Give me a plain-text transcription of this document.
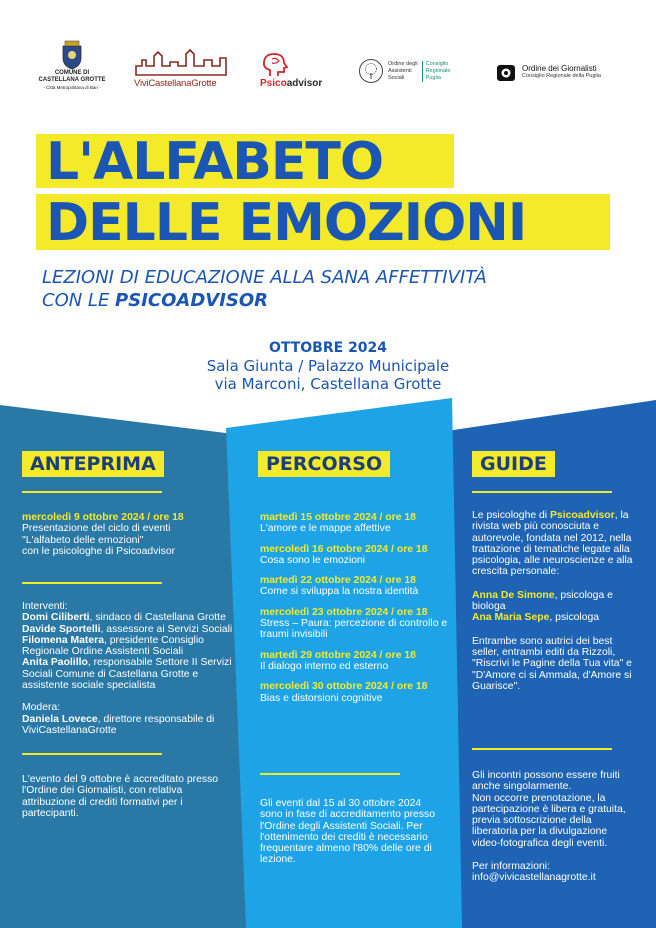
COMUNE DI
CASTELLANA GROTTE
- Città Metropolitana di Bari -	ViviCastellanaGrotte	Psicoadvisor
Ordine degli
Assistenti
Sociali
Consiglio
Regionale
Puglia
Ordine dei Giornalisti
Consiglio Regionale della Puglia
L'ALFABETO
DELLE EMOZIONI
LEZIONI DI EDUCAZIONE ALLA SANA AFFETTIVITÀ
CON LE PSICOADVISOR
OTTOBRE 2024
Sala Giunta / Palazzo Municipale
via Marconi, Castellana Grotte
ANTEPRIMA
mercoledì 9 ottobre 2024 / ore 18
Presentazione del ciclo di eventi
"L'alfabeto delle emozioni"
con le psicologhe di Psicoadvisor
Interventi:
Domi Ciliberti, sindaco di Castellana Grotte
Davide Sportelli, assessore ai Servizi Sociali
Filomena Matera, presidente Consiglio Regionale Ordine Assistenti Sociali
Anita Paolillo, responsabile Settore II Servizi Sociali Comune di Castellana Grotte e assistente sociale specialista
Modera:
Daniela Lovece, direttore responsabile di ViviCastellanaGrotte
L'evento del 9 ottobre è accreditato presso l'Ordine dei Giornalisti, con relativa attribuzione di crediti formativi per i partecipanti.
PERCORSO
martedì 15 ottobre 2024 / ore 18
L'amore e le mappe affettive
mercoledì 16 ottobre 2024 / ore 18
Cosa sono le emozioni
martedì 22 ottobre 2024 / ore 18
Come si sviluppa la nostra identità
mercoledì 23 ottobre 2024 / ore 18
Stress – Paura: percezione di controllo e traumi invisibili
martedì 29 ottobre 2024 / ore 18
Il dialogo interno ed esterno
mercoledì 30 ottobre 2024 / ore 18
Bias e distorsioni cognitive
Gli eventi dal 15 al 30 ottobre 2024 sono in fase di accreditamento presso l'Ordine degli Assistenti Sociali. Per l'ottenimento dei crediti è necessario frequentare almeno l'80% delle ore di lezione.
GUIDE
Le psicologhe di Psicoadvisor, la rivista web più conosciuta e autorevole, fondata nel 2012, nella trattazione di tematiche legate alla psicologia, alle neuroscienze e alla crescita personale:
Anna De Simone, psicologa e biologa
Ana Maria Sepe, psicologa
Entrambe sono autrici dei best seller, entrambi editi da Rizzoli, "Riscrivi le Pagine della Tua vita" e "D'Amore ci si Ammala, d'Amore si Guarisce".
Gli incontri possono essere fruiti anche singolarmente.
Non occorre prenotazione, la partecipazione è libera e gratuita, previa sottoscrizione della liberatoria per la divulgazione video-fotografica degli eventi.
Per informazioni:
info@vivicastellanagrotte.it
